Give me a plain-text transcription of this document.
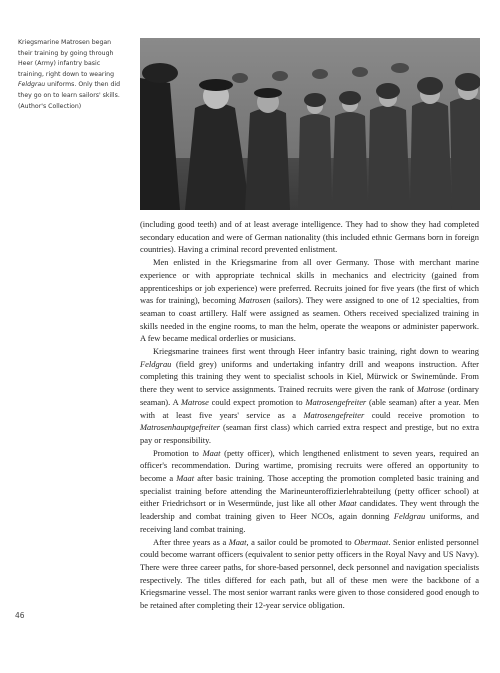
Kriegsmarine Matrosen began
their training by going through
Heer (Army) infantry basic
training, right down to wearing
Feldgrau uniforms. Only then did
they go on to learn sailors' skills.
(Author's Collection)

(including good teeth) and of at least average intelligence. They had to show they had completed secondary education and were of German nationality (this included ethnic Germans born in foreign countries). Having a criminal record prevented enlistment.

Men enlisted in the Kriegsmarine from all over Germany. Those with merchant marine experience or with appropriate technical skills in mechanics and electricity (gained from apprenticeships or job experience) were preferred. Recruits joined for five years (the first of which was for training), becoming Matrosen (sailors). They were assigned to one of 12 specialties, from seaman to coast artillery. Half were assigned as seamen. Others received specialized training in skills needed in the engine rooms, to man the helm, operate the weapons or administer paperwork. A few became medical orderlies or musicians.

Kriegsmarine trainees first went through Heer infantry basic training, right down to wearing Feldgrau (field grey) uniforms and undertaking infantry drill and weapons instruction. After completing this training they went to specialist schools in Kiel, Mürwick or Swinemünde. From there they went to service assignments. Trained recruits were given the rank of Matrose (ordinary seaman). A Matrose could expect promotion to Matrosengefreiter (able seaman) after a year. Men with at least five years' service as a Matrosengefreiter could receive promotion to Matrosenhauptgefreiter (seaman first class) which carried extra respect and prestige, but no extra pay or responsibility.

Promotion to Maat (petty officer), which lengthened enlistment to seven years, required an officer's recommendation. During wartime, promising recruits were offered an opportunity to become a Maat after basic training. Those accepting the promotion completed basic training and specialist training before attending the Marineunteroffizierlehrabteilung (petty officer school) at either Friedrichsort or in Wesermünde, just like all other Maat candidates. They went through the leadership and combat training given to Heer NCOs, again donning Feldgrau uniforms, and receiving land combat training.

After three years as a Maat, a sailor could be promoted to Obermaat. Senior enlisted personnel could become warrant officers (equivalent to senior petty officers in the Royal Navy and US Navy). There were three career paths, for shore-based personnel, deck personnel and navigation specialists respectively. The titles differed for each path, but all of these men were the backbone of a Kriegsmarine vessel. The most senior warrant ranks were given to those considered good enough to be retained after completing their 12-year service obligation.

46
